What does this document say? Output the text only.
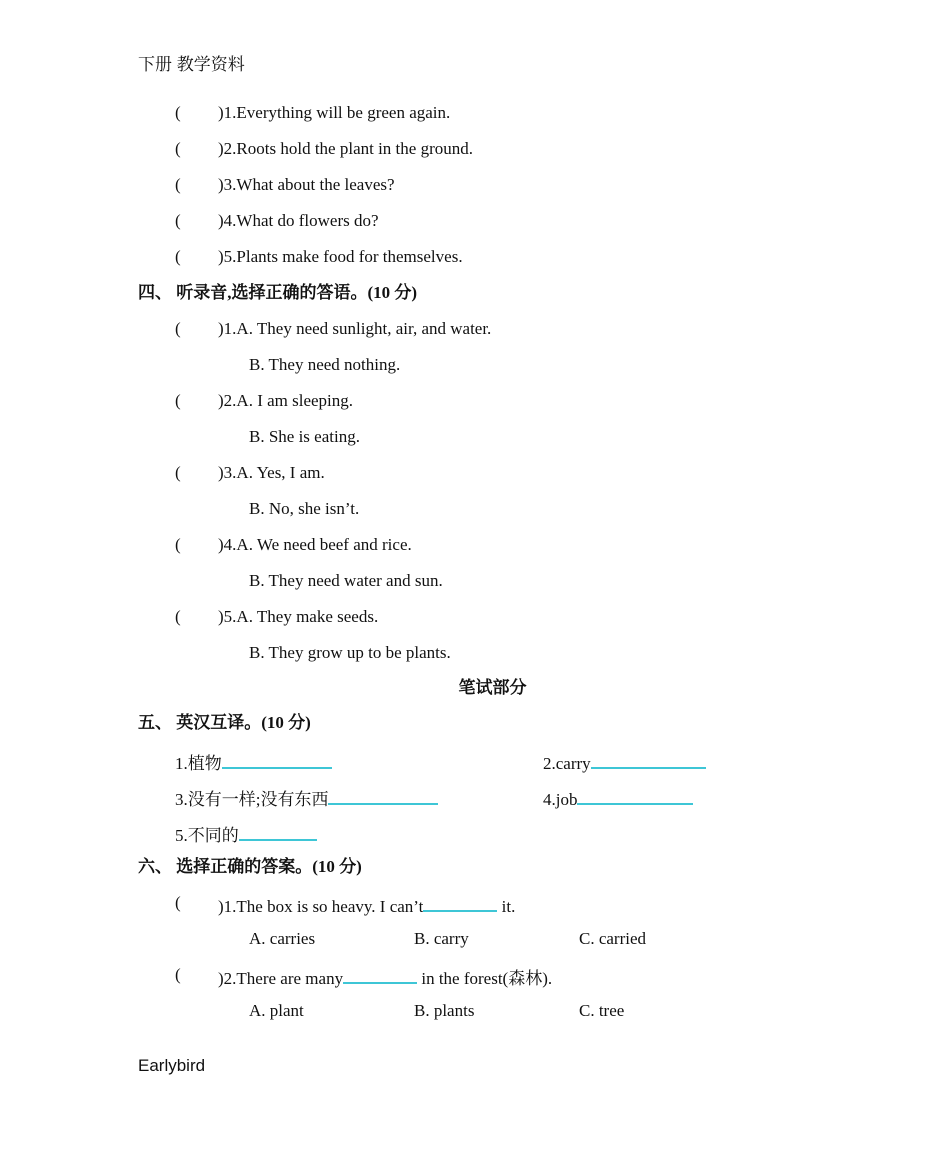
下册 教学资料
( )1.Everything will be green again.
( )2.Roots hold the plant in the ground.
( )3.What about the leaves?
( )4.What do flowers do?
( )5.Plants make food for themselves.
四、 听录音,选择正确的答语。(10 分)
( )1.A. They need sunlight, air, and water.
B. They need nothing.
( )2.A. I am sleeping.
B. She is eating.
( )3.A. Yes, I am.
B. No, she isn’t.
( )4.A. We need beef and rice.
B. They need water and sun.
( )5.A. They make seeds.
B. They grow up to be plants.
笔试部分
五、 英汉互译。(10 分)
1.植物	2.carry
3.没有一样;没有东西	4.job
5.不同的
六、 选择正确的答案。(10 分)
( )1.The box is so heavy. I can’t	it.
A. carries	B. carry	C. carried
( )2.There are many	in the forest(森林).
A. plant	B. plants	C. tree
Earlybird
